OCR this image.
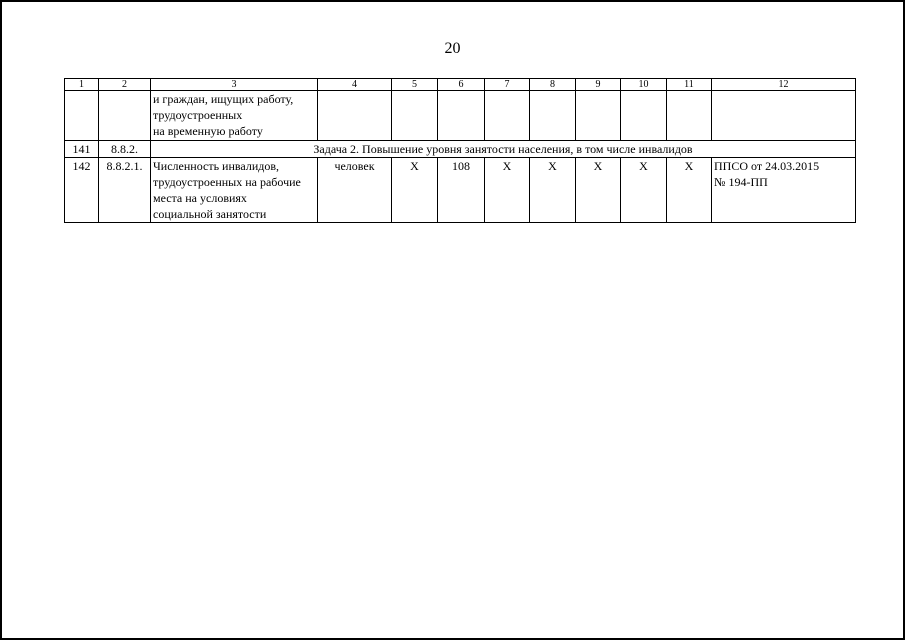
20
1	2	3	4	5	6	7	8	9	10	11	12
		и граждан, ищущих работу,
трудоустроенных
на временную работу									
141	8.8.2.	Задача 2. Повышение уровня занятости населения, в том числе инвалидов									
142	8.8.2.1.	Численность инвалидов,
трудоустроенных на рабочие
места на условиях
социальной занятости	человек	Х	108	Х	Х	Х	Х	Х	ППСО от 24.03.2015
№ 194-ПП
